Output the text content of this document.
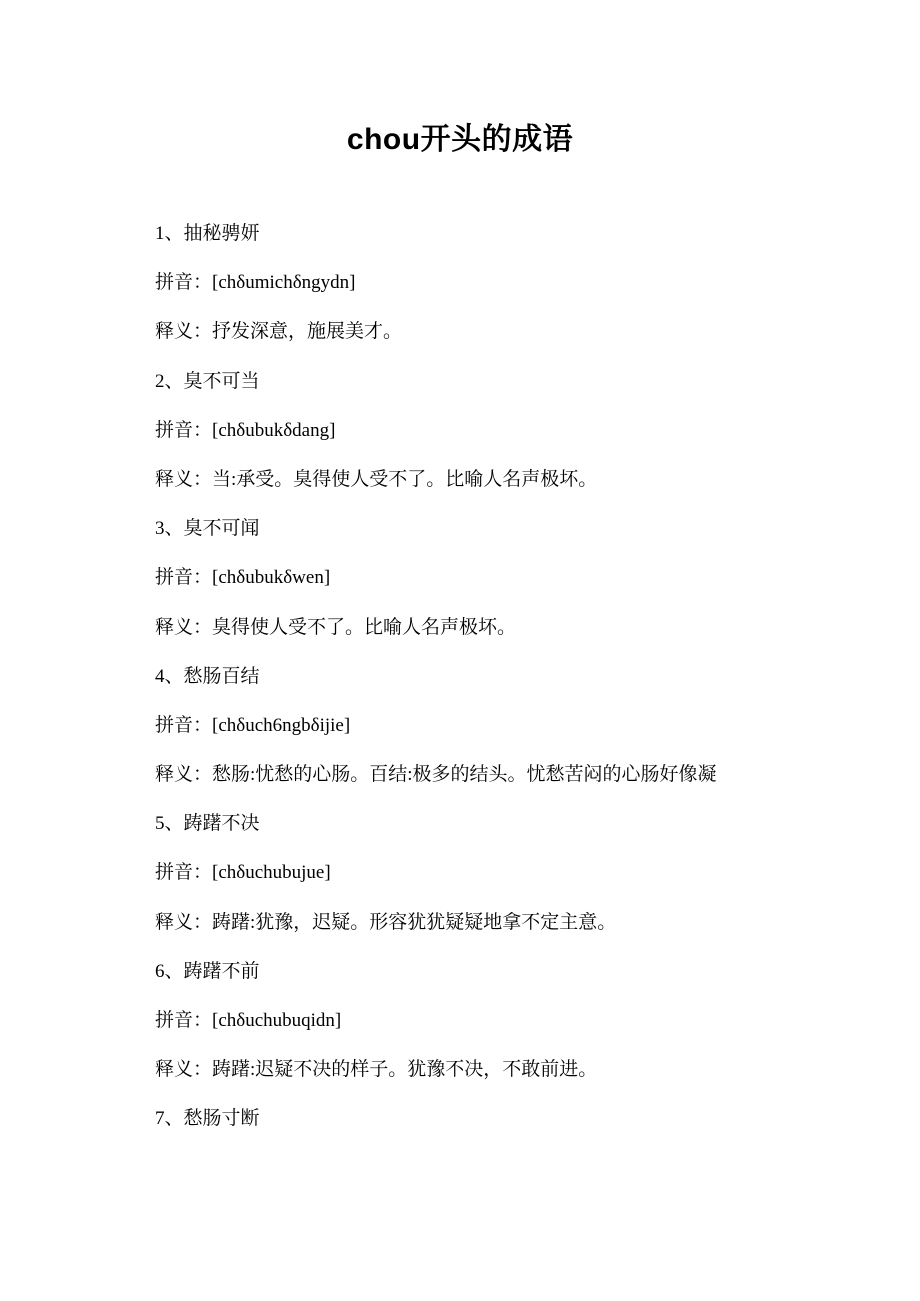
chou开头的成语
1、抽秘骋妍
拼音：[chδumichδngydn]
释义：抒发深意，施展美才。
2、臭不可当
拼音：[chδubukδdang]
释义：当:承受。臭得使人受不了。比喻人名声极坏。
3、臭不可闻
拼音：[chδubukδwen]
释义：臭得使人受不了。比喻人名声极坏。
4、愁肠百结
拼音：[chδuch6ngbδijie]
释义：愁肠:忧愁的心肠。百结:极多的结头。忧愁苦闷的心肠好像凝
5、踌躇不决
拼音：[chδuchubujue]
释义：踌躇:犹豫，迟疑。形容犹犹疑疑地拿不定主意。
6、踌躇不前
拼音：[chδuchubuqidn]
释义：踌躇:迟疑不决的样子。犹豫不决，不敢前进。
7、愁肠寸断
